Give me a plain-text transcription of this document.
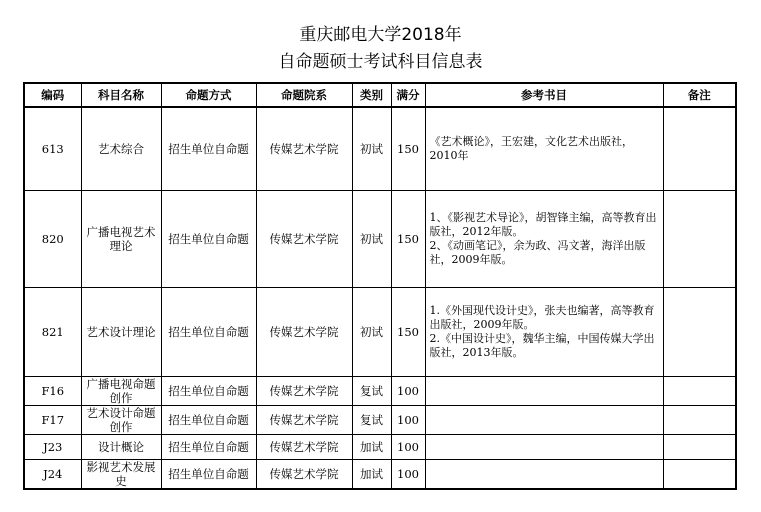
重庆邮电大学2018年
自命题硕士考试科目信息表
编码	科目名称	命题方式	命题院系	类别	满分	参考书目	备注
613	艺术综合	招生单位自命题	传媒艺术学院	初试	150	《艺术概论》，王宏建，文化艺术出版社，2010年	

820	广播电视艺术理论	招生单位自命题	传媒艺术学院	初试	150	1、《影视艺术导论》，胡智锋主编，高等教育出版社，2012年版。
2、《动画笔记》，余为政、冯文著，海洋出版社，2009年版。	

821	艺术设计理论	招生单位自命题	传媒艺术学院	初试	150	1.《外国现代设计史》，张夫也编著，高等教育出版社，2009年版。
2.《中国设计史》，魏华主编，中国传媒大学出版社，2013年版。	

F16	广播电视命题创作	招生单位自命题	传媒艺术学院	复试	100		
F17	艺术设计命题创作	招生单位自命题	传媒艺术学院	复试	100		
J23	设计概论	招生单位自命题	传媒艺术学院	加试	100		
J24	影视艺术发展史	招生单位自命题	传媒艺术学院	加试	100		
